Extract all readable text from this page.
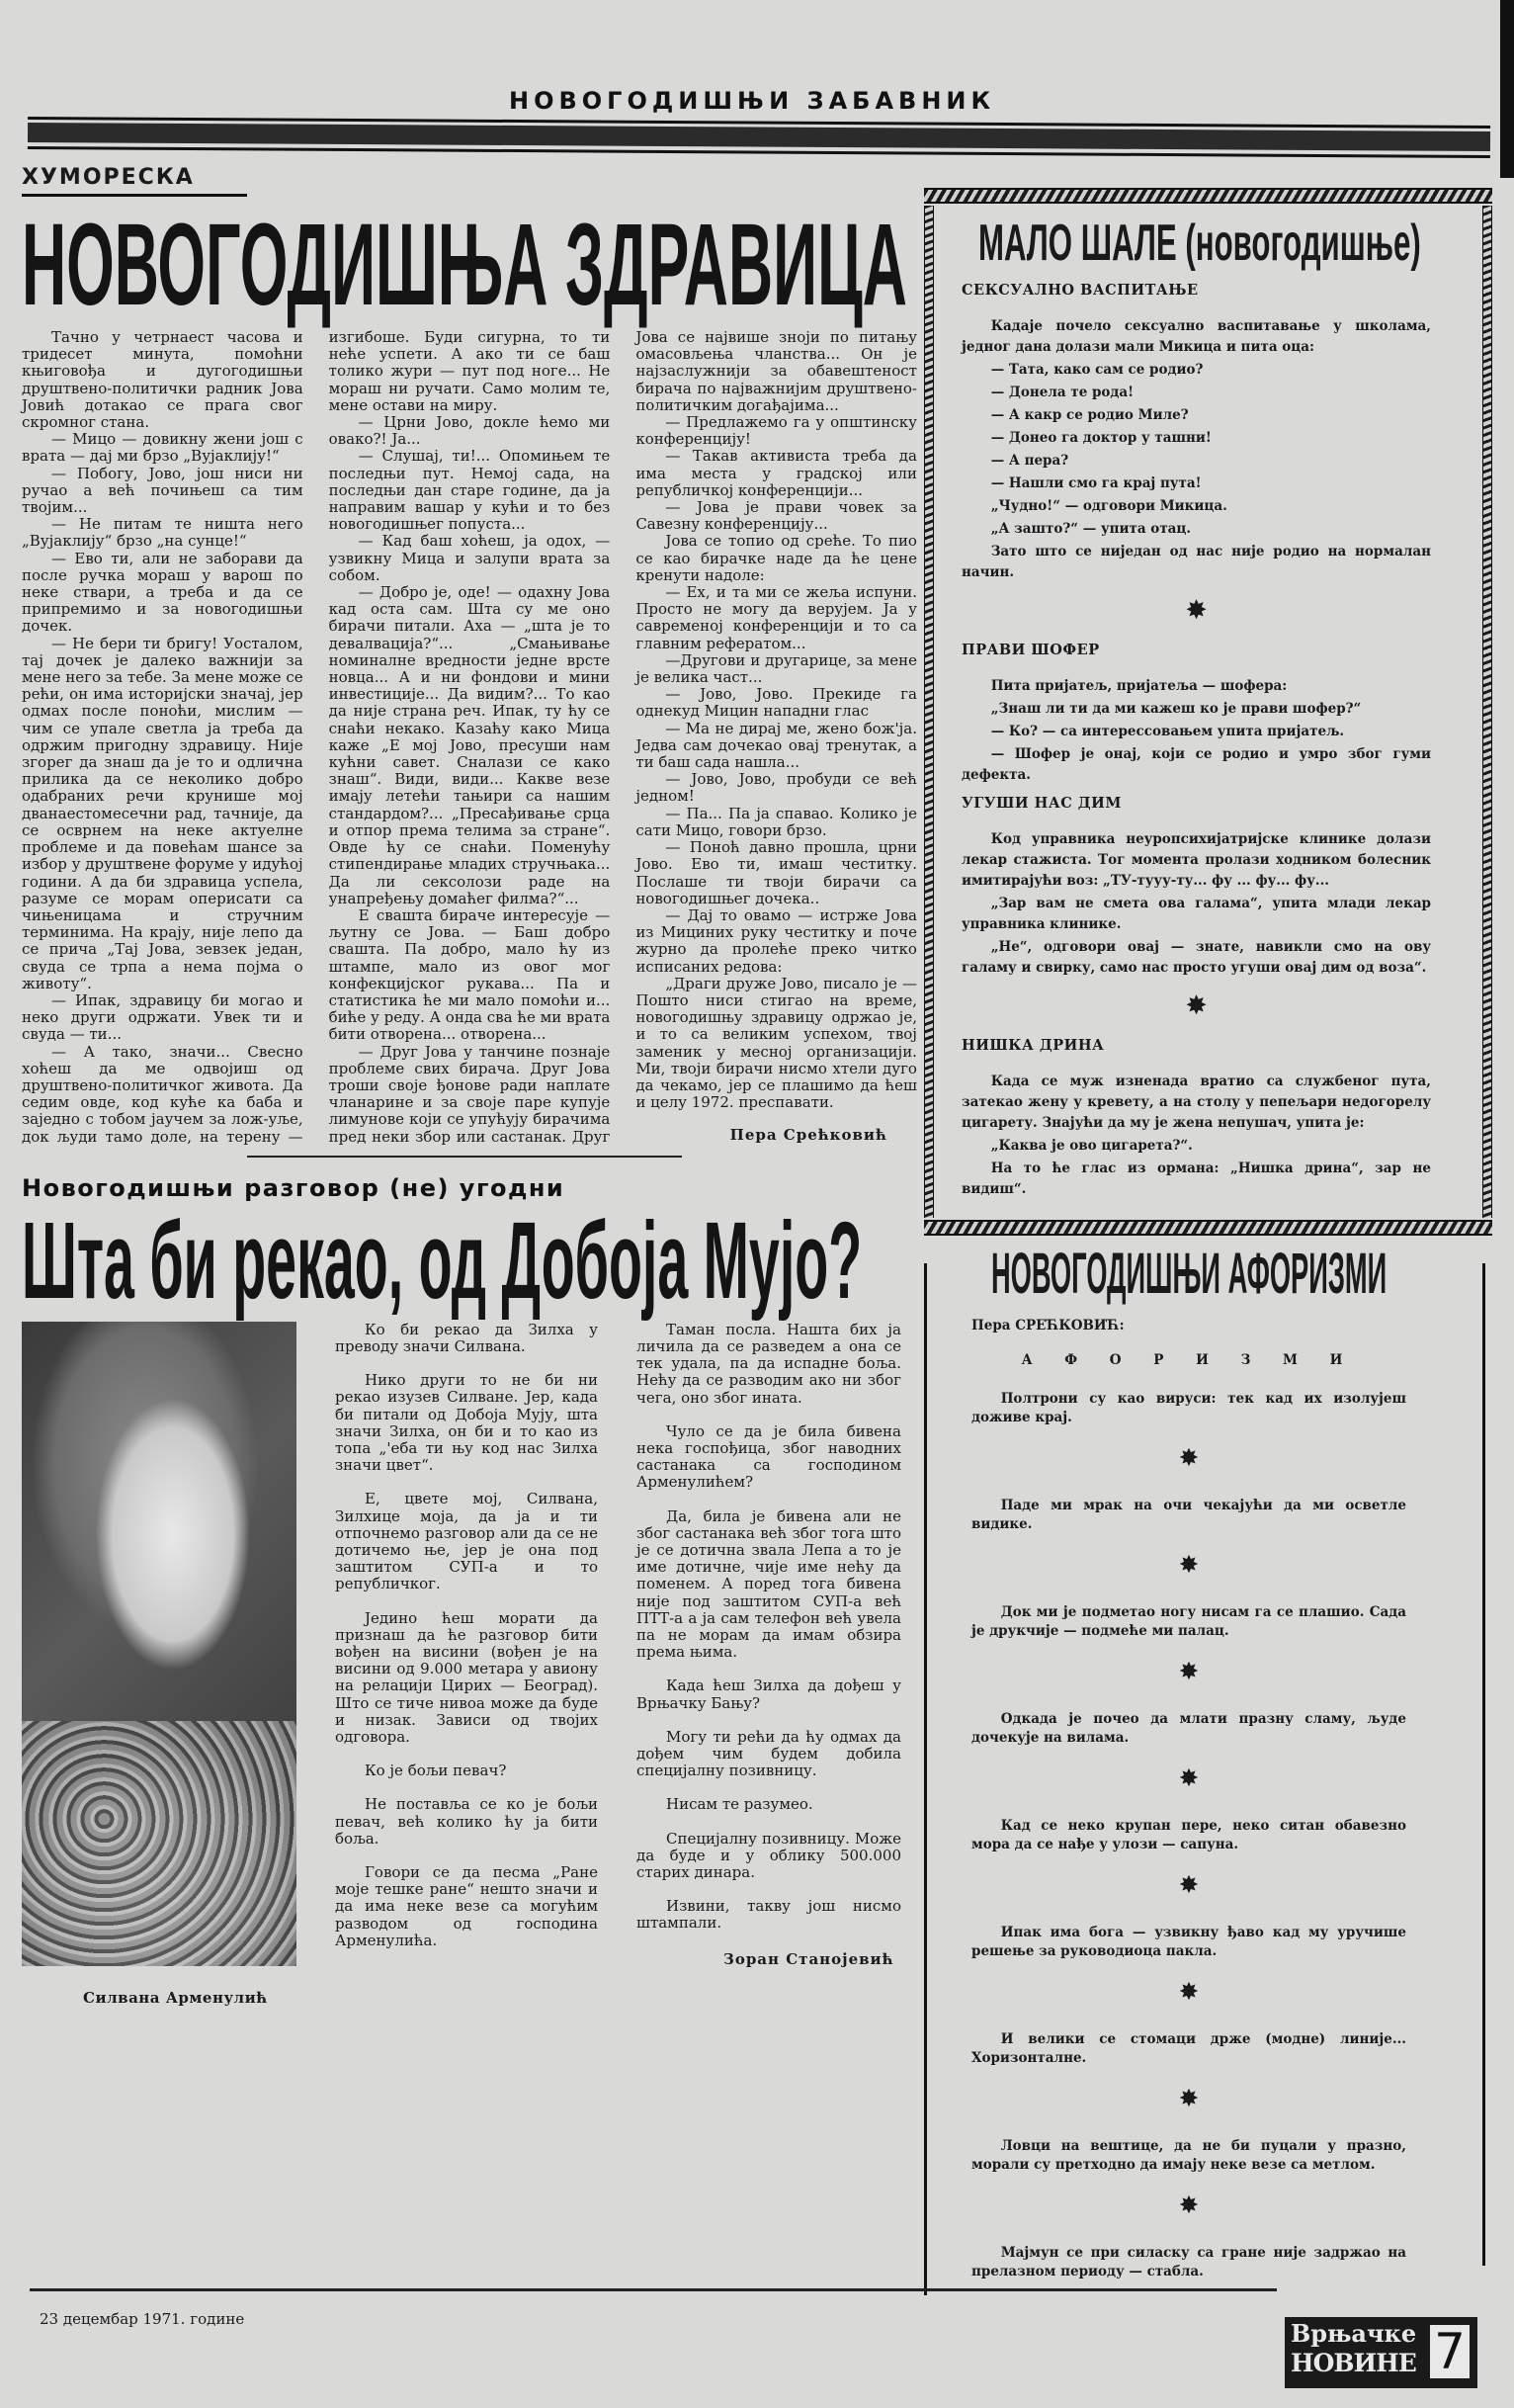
НОВОГОДИШЊИ ЗАБАВНИК
ХУМОРЕСКА
НОВОГОДИШЊА ЗДРАВИЦА

Тачно у четрнаест часова и тридесет минута, помоћни књиговођа и дугогодишњи друштвено-политички радник Јова Јовић дотакао се прага свог скромног стана.

— Мицо — довикну жени још с врата — дај ми брзо „Вујаклију!“

— Побогу, Јово, још ниси ни ручао а већ почињеш са тим твојим...

— Не питам те ништа него „Вујаклију“ брзо „на сунце!“

— Ево ти, али не заборави да после ручка мораш у варош по неке ствари, а треба и да се припремимо и за новогодишњи дочек.

— Не бери ти бригу! Уосталом, тај дочек је далеко важнији за мене него за тебе. За мене може се рећи, он има историјски значај, јер одмах после поноћи, мислим — чим се упале светла ја треба да одржим пригодну здравицу. Није згорег да знаш да је то и одлична прилика да се неколико добро одабраних речи крунише мој дванаестомесечни рад, тачније, да се осврнем на неке актуелне проблеме и да повећам шансе за избор у друштвене форуме у идућој години. А да би здравица успела, разуме се морам оперисати са чињеницама и стручним терминима. На крају, није лепо да се прича „Тај Јова, зевзек један, свуда се трпа а нема појма о животу“.

— Ипак, здравицу би могао и неко други одржати. Увек ти и свуда — ти...

— А тако, значи... Свесно хоћеш да ме одвојиш од друштвено-политичког живота. Да седим овде, код куће ка баба и заједно с тобом јаучем за лож-уље, док људи тамо доле, на терену — изгибоше. Буди сигурна, то ти неће успети. А ако ти се баш толико жури — пут под ноге... Не мораш ни ручати. Само молим те, мене остави на миру.

— Црни Јово, докле ћемо ми овако?! Ја...

— Слушај, ти!... Опомињем те последњи пут. Немој сада, на последњи дан старе године, да ја направим вашар у кући и то без новогодишњег попуста...

— Кад баш хоћеш, ја одох, — узвикну Мица и залупи врата за собом.

— Добро је, оде! — одахну Јова кад оста сам. Шта су ме оно бирачи питали. Аха — „шта је то девалвација?“... „Смањивање номиналне вредности једне врсте новца... А и ни фондови и мини инвестиције... Да видим?... То као да није страна реч. Ипак, ту ћу се снаћи некако. Казаћу како Мица каже „Е мој Јово, пресуши нам кућни савет. Сналази се како знаш“. Види, види... Какве везе имају летећи тањири са нашим стандардом?... „Пресађивање срца и отпор према телима за стране“. Овде ћу се снаћи. Поменућу стипендирање младих стручњака... Да ли сексолози раде на унапређењу домаћег филма?“...

Е свашта бираче интересује — љутну се Јова. — Баш добро свашта. Па добро, мало ћу из штампе, мало из овог мог конфекцијског рукава... Па и статистика ће ми мало помоћи и... биће у реду. А онда сва ће ми врата бити отворена... отворена...

— Друг Јова у танчине познаје проблеме свих бирача. Друг Јова троши своје ђонове ради наплате чланарине и за своје паре купује лимунове који се упућују бирачима пред неки збор или састанак. Друг Јова се највише зноји по питању омасовљења чланства... Он је најзаслужнији за обавештеност бирача по најважнијим друштвено-политичким догађајима...

— Предлажемо га у општинску конференцију!

— Такав активиста треба да има места у градској или републичкој конференцији...

— Јова је прави човек за Савезну конференцију...

Јова се топио од среће. То пио се као бирачке наде да ће цене кренути надоле:

— Ех, и та ми се жеља испуни. Просто не могу да верујем. Ја у савременој конференцији и то са главним рефератом...

—Другови и другарице, за мене је велика част...

— Јово, Јово. Прекиде га однекуд Мицин нападни глас

— Ма не дирај ме, жено бож'ја. Једва сам дочекао овај тренутак, а ти баш сада нашла...

— Јово, Јово, пробуди се већ једном!

— Па... Па ја спавао. Колико је сати Мицо, говори брзо.

— Поноћ давно прошла, црни Јово. Ево ти, имаш честитку. Послаше ти твоји бирачи са новогодишњег дочека..

— Дај то овамо — истрже Јова из Мициних руку честитку и поче журно да пролеће преко читко исписаних редова:

„Драги друже Јово, писало је — Пошто ниси стигао на време, новогодишњу здравицу одржао је, и то са великим успехом, твој заменик у месној организацији. Ми, твоји бирачи нисмо хтели дуго да чекамо, јер се плашимо да ћеш и целу 1972. преспавати.

Пера Срећковић
Новогодишњи разговор (не) угодни
Шта би рекао, од Добоја Мујо?
Силвана Арменулић

Ко би рекао да Зилха у преводу значи Силвана.

Нико други то не би ни рекао изузев Силване. Јер, када би питали од Добоја Мују, шта значи Зилха, он би и то као из топа „'еба ти њу код нас Зилха значи цвет“.

Е, цвете мој, Силвана, Зилхице моја, да ја и ти отпочнемо разговор али да се не дотичемо ње, јер је она под заштитом СУП-а и то републичког.

Једино ћеш морати да признаш да ће разговор бити вођен на висини (вођен је на висини од 9.000 метара у авиону на релацији Цирих — Београд). Што се тиче нивоа може да буде и низак. Зависи од твојих одговора.

Ко је бољи певач?

Не поставља се ко је бољи певач, већ колико ћу ја бити боља.

Говори се да песма „Ране моје тешке ране“ нешто значи и да има неке везе са могућим разводом од господина Арменулића.

Таман посла. Нашта бих ја личила да се разведем а она се тек удала, па да испадне боља. Нећу да се разводим ако ни због чега, оно због ината.

Чуло се да је била бивена нека госпођица, због наводних састанака са господином Арменулићем?

Да, била је бивена али не због састанака већ због тога што је се дотична звала Лепа а то је име дотичне, чије име нећу да поменем. А поред тога бивена није под заштитом СУП-а већ ПТТ-а а ја сам телефон већ увела па не морам да имам обзира према њима.

Када ћеш Зилха да дођеш у Врњачку Бању?

Могу ти рећи да ћу одмах да дођем чим будем добила специјалну позивницу.

Нисам те разумео.

Специјалну позивницу. Може да буде и у облику 500.000 старих динара.

Извини, такву још нисмо штампали.

Зоран Станојевић
МАЛО ШАЛЕ (новогодишње)
СЕКСУАЛНО ВАСПИТАЊЕ

Кадаје почело сексуално васпитавање у школама, једног дана долази мали Микица и пита оца:

— Тата, како сам се родио?

— Донела те рода!

— А какр се родио Миле?

— Донео га доктор у ташни!

— А пера?

— Нашли смо га крај пута!

„Чудно!“ — одговори Микица.

„А зашто?“ — упита отац.

Зато што се ниједан од нас није родио на нормалан начин.

✸
ПРАВИ ШОФЕР

Пита пријатељ, пријатеља — шофера:

„Знаш ли ти да ми кажеш ко је прави шофер?“

— Ко? — са интерессовањем упита пријатељ.

— Шофер је онај, који се родио и умро због гуми дефекта.

УГУШИ НАС ДИМ

Код управника неуропсихијатријске клинике долази лекар стажиста. Тог момента пролази ходником болесник имитирајући воз: „ТУ-тууу-ту... фу ... фу... фу...

„Зар вам не смета ова галама“, упита млади лекар управника клинике.

„Не“, одговори овај — знате, навикли смо на ову галаму и свирку, само нас просто угуши овај дим од воза“.

✸
НИШКА ДРИНА

Када се муж изненада вратио са службеног пута, затекао жену у кревету, а на столу у пепељари недогорелу цигарету. Знајући да му је жена непушач, упита је:

„Каква је ово цигарета?“.

На то ће глас из ормана: „Нишка дрина“, зар не видиш“.

НОВОГОДИШЊИ АФОРИЗМИ
Пера СРЕЋКОВИЋ:
А Ф О Р И З М И

Полтрони су као вируси: тек кад их изолујеш доживе крај.

✸

Паде ми мрак на очи чекајући да ми осветле видике.

✸

Док ми је подметао ногу нисам га се плашио. Сада је друкчије — подмеће ми палац.

✸

Одкада је почео да млати празну сламу, људе дочекује на вилама.

✸

Кад се неко крупан пере, неко ситан обавезно мора да се нађе у улози — сапуна.

✸

Ипак има бога — узвикну ђаво кад му уручише решење за руководиоца пакла.

✸

И велики се стомаци држе (модне) линије... Хоризонталне.

✸

Ловци на вештице, да не би пуцали у празно, морали су претходно да имају неке везе са метлом.

✸

Мајмун се при силаску са гране није задржао на прелазном периоду — стабла.

Врњачке
НОВИНЕ 7
23 децембар 1971. године
